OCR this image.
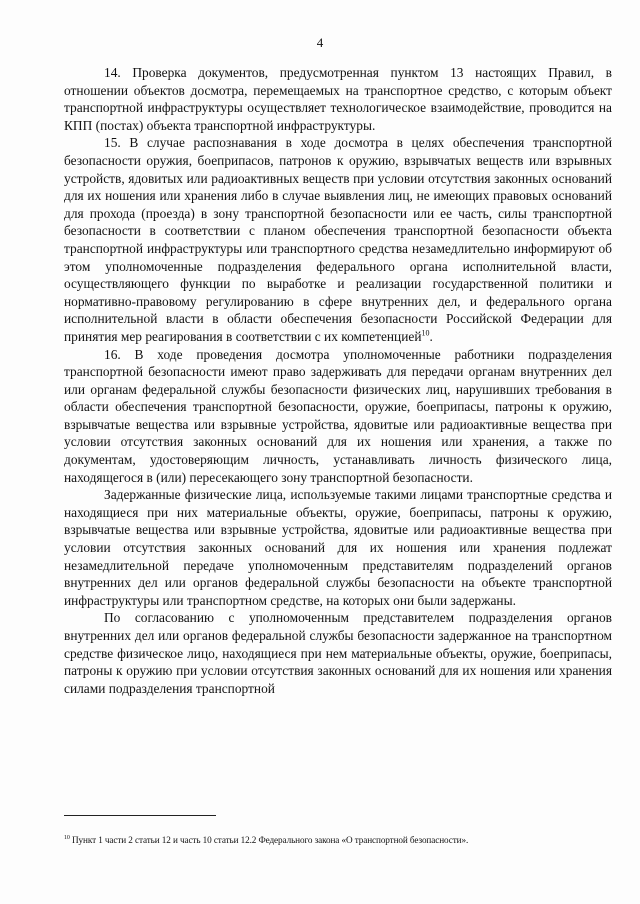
4

14. Проверка документов, предусмотренная пунктом 13 настоящих Правил, в отношении объектов досмотра, перемещаемых на транспортное средство, с которым объект транспортной инфраструктуры осуществляет технологическое взаимодействие, проводится на КПП (постах) объекта транспортной инфраструктуры.

15. В случае распознавания в ходе досмотра в целях обеспечения транспортной безопасности оружия, боеприпасов, патронов к оружию, взрывчатых веществ или взрывных устройств, ядовитых или радиоактивных веществ при условии отсутствия законных оснований для их ношения или хранения либо в случае выявления лиц, не имеющих правовых оснований для прохода (проезда) в зону транспортной безопасности или ее часть, силы транспортной безопасности в соответствии с планом обеспечения транспортной безопасности объекта транспортной инфраструктуры или транспортного средства незамедлительно информируют об этом уполномоченные подразделения федерального органа исполнительной власти, осуществляющего функции по выработке и реализации государственной политики и нормативно-правовому регулированию в сфере внутренних дел, и федерального органа исполнительной власти в области обеспечения безопасности Российской Федерации для принятия мер реагирования в соответствии с их компетенцией$^{10}$.

16. В ходе проведения досмотра уполномоченные работники подразделения транспортной безопасности имеют право задерживать для передачи органам внутренних дел или органам федеральной службы безопасности физических лиц, нарушивших требования в области обеспечения транспортной безопасности, оружие, боеприпасы, патроны к оружию, взрывчатые вещества или взрывные устройства, ядовитые или радиоактивные вещества при условии отсутствия законных оснований для их ношения или хранения, а также по документам, удостоверяющим личность, устанавливать личность физического лица, находящегося в (или) пересекающего зону транспортной безопасности.

Задержанные физические лица, используемые такими лицами транспортные средства и находящиеся при них материальные объекты, оружие, боеприпасы, патроны к оружию, взрывчатые вещества или взрывные устройства, ядовитые или радиоактивные вещества при условии отсутствия законных оснований для их ношения или хранения подлежат незамедлительной передаче уполномоченным представителям подразделений органов внутренних дел или органов федеральной службы безопасности на объекте транспортной инфраструктуры или транспортном средстве, на которых они были задержаны.

По согласованию с уполномоченным представителем подразделения органов внутренних дел или органов федеральной службы безопасности задержанное на транспортном средстве физическое лицо, находящиеся при нем материальные объекты, оружие, боеприпасы, патроны к оружию при условии отсутствия законных оснований для их ношения или хранения силами подразделения транспортной

$^{10}$ Пункт 1 части 2 статьи 12 и часть 10 статьи 12.2 Федерального закона «О транспортной безопасности».
